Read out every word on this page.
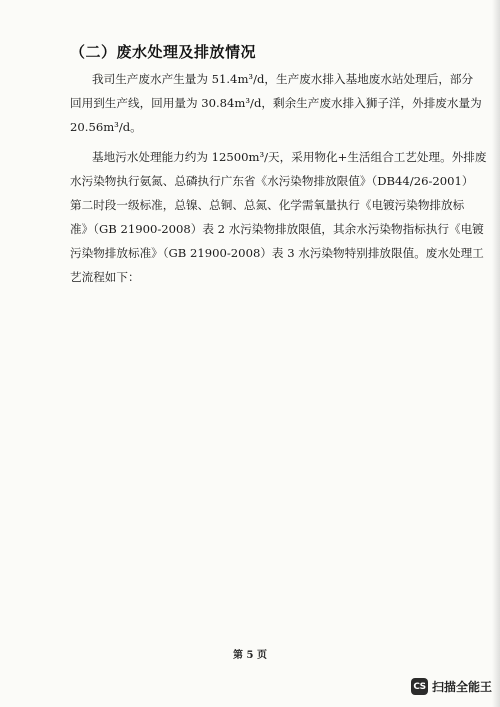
（二）废水处理及排放情况

我司生产废水产生量为 51.4m³/d，生产废水排入基地废水站处理后，部分
回用到生产线，回用量为 30.84m³/d，剩余生产废水排入狮子洋，外排废水量为
20.56m³/d。

基地污水处理能力约为 12500m³/天，采用物化+生活组合工艺处理。外排废
水污染物执行氨氮、总磷执行广东省《水污染物排放限值》（DB44/26-2001）
第二时段一级标准，总镍、总铜、总氮、化学需氧量执行《电镀污染物排放标
准》（GB 21900-2008）表 2 水污染物排放限值，其余水污染物指标执行《电镀
污染物排放标准》（GB 21900-2008）表 3 水污染物特别排放限值。废水处理工
艺流程如下：

第 5 页
CS 扫描全能王
